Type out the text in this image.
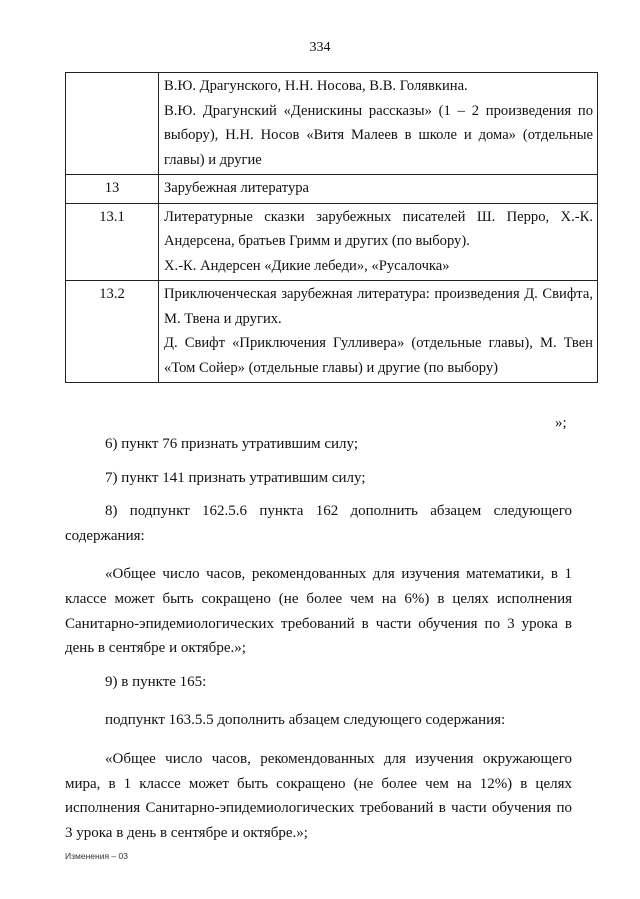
334

	В.Ю. Драгунского, Н.Н. Носова, В.В. Голявкина.

В.Ю. Драгунский «Денискины рассказы» (1 – 2 произведения по выбору), Н.Н. Носов «Витя Малеев в школе и дома» (отдельные главы) и другие

13	Зарубежная литература

13.1	Литературные сказки зарубежных писателей Ш. Перро, Х.-К. Андерсена, братьев Гримм и других (по выбору).

Х.-К. Андерсен «Дикие лебеди», «Русалочка»

13.2	Приключенческая зарубежная литература: произведения Д. Свифта, М. Твена и других.

Д. Свифт «Приключения Гулливера» (отдельные главы), М. Твен «Том Сойер» (отдельные главы) и другие (по выбору)

»;

6) пункт 76 признать утратившим силу;

7) пункт 141 признать утратившим силу;

8) подпункт 162.5.6 пункта 162 дополнить абзацем следующего содержания:

«Общее число часов, рекомендованных для изучения математики, в 1 классе может быть сокращено (не более чем на 6%) в целях исполнения Санитарно-эпидемиологических требований в части обучения по 3 урока в день в сентябре и октябре.»;

9) в пункте 165:

подпункт 163.5.5 дополнить абзацем следующего содержания:

«Общее число часов, рекомендованных для изучения окружающего мира, в 1 классе может быть сокращено (не более чем на 12%) в целях исполнения Санитарно-эпидемиологических требований в части обучения по 3 урока в день в сентябре и октябре.»;

Изменения – 03
